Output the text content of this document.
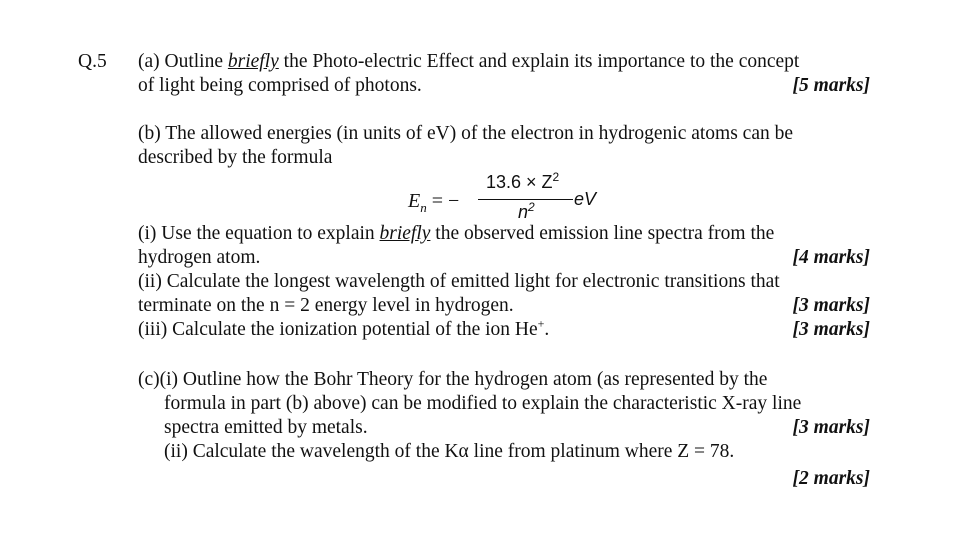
Q.5 (a) Outline briefly the Photo-electric Effect and explain its importance to the concept
of light being comprised of photons.	[5 marks]
(b) The allowed energies (in units of eV) of the electron in hydrogenic atoms can be
described by the formula
$E_n$ = −
$13.6 \times Z^2$
$n^2$ eV
(i) Use the equation to explain briefly the observed emission line spectra from the
hydrogen atom.	[4 marks]
(ii) Calculate the longest wavelength of emitted light for electronic transitions that
terminate on the n = 2 energy level in hydrogen.	[3 marks]
(iii) Calculate the ionization potential of the ion He+.	[3 marks]
(c)(i) Outline how the Bohr Theory for the hydrogen atom (as represented by the
formula in part (b) above) can be modified to explain the characteristic X-ray line
spectra emitted by metals.	[3 marks]
(ii) Calculate the wavelength of the Kα line from platinum where Z = 78.
[2 marks]
